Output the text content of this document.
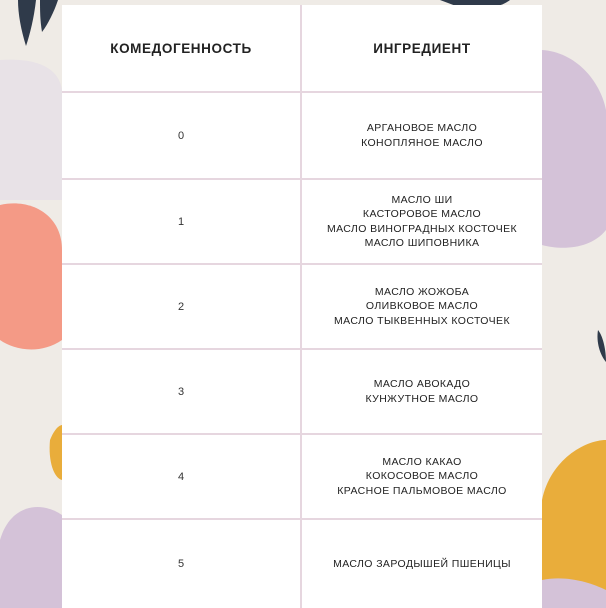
КОМЕДОГЕННОСТЬ	ИНГРЕДИЕНТ
0
АРГАНОВОЕ МАСЛО
КОНОПЛЯНОЕ МАСЛО
1
МАСЛО ШИ
КАСТОРОВОЕ МАСЛО
МАСЛО ВИНОГРАДНЫХ КОСТОЧЕК
МАСЛО ШИПОВНИКА
2
МАСЛО ЖОЖОБА
ОЛИВКОВОЕ МАСЛО
МАСЛО ТЫКВЕННЫХ КОСТОЧЕК
3
МАСЛО АВОКАДО
КУНЖУТНОЕ МАСЛО
4
МАСЛО КАКАО
КОКОСОВОЕ МАСЛО
КРАСНОЕ ПАЛЬМОВОЕ МАСЛО
5	МАСЛО ЗАРОДЫШЕЙ ПШЕНИЦЫ
